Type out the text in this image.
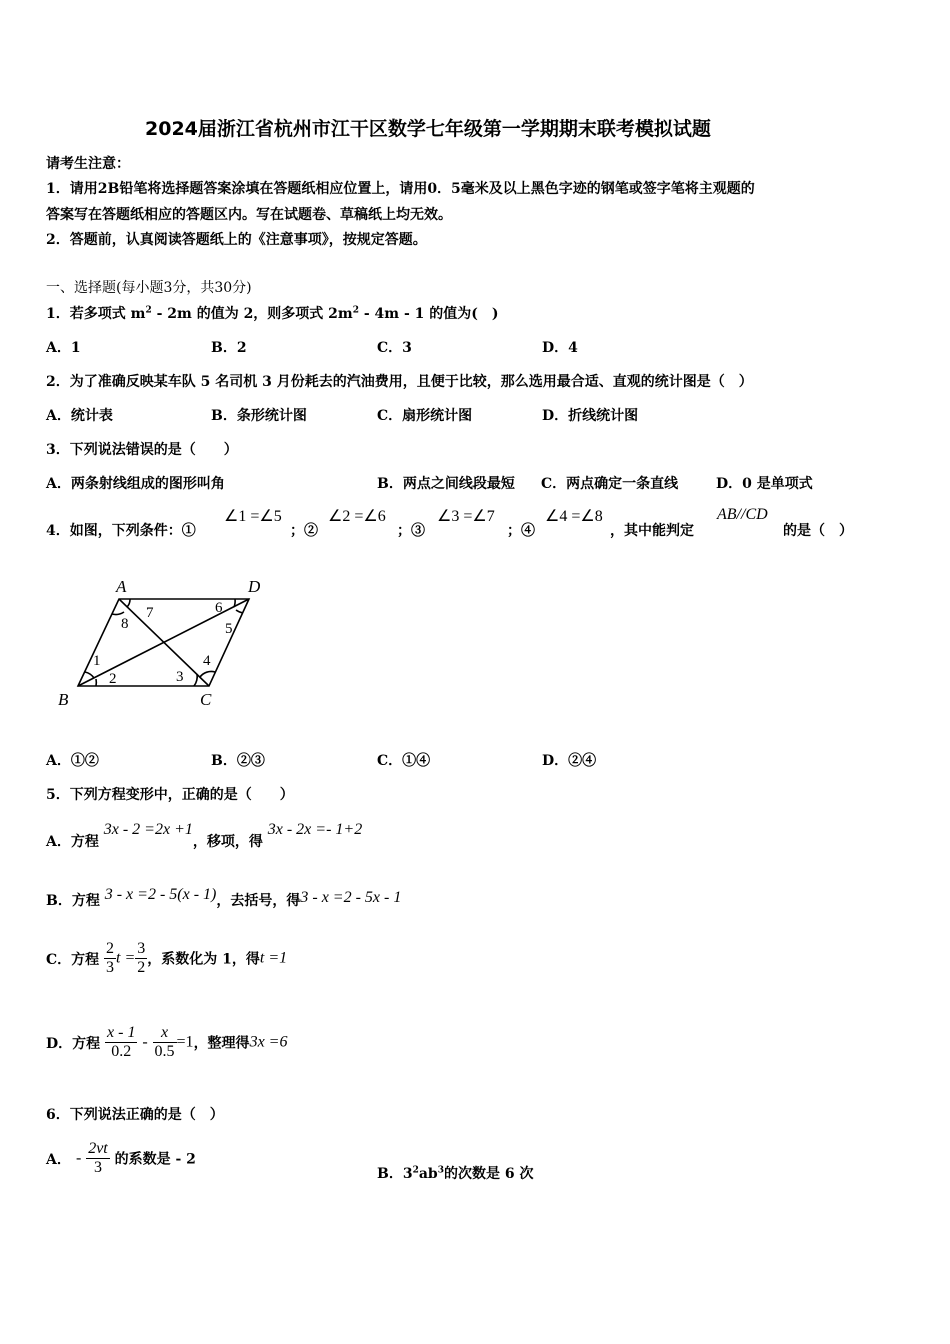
2024届浙江省杭州市江干区数学七年级第一学期期末联考模拟试题
请考生注意：
1．请用2B铅笔将选择题答案涂填在答题纸相应位置上，请用0．5毫米及以上黑色字迹的钢笔或签字笔将主观题的
答案写在答题纸相应的答题区内。写在试题卷、草稿纸上均无效。
2．答题前，认真阅读答题纸上的《注意事项》，按规定答题。
一、选择题(每小题3分，共30分)
1．若多项式 $m^2 - 2m$ 的值为 2，则多项式 $2m^2 - 4m - 1$ 的值为(　)
A．1	B．2	C．3	D．4
2．为了准确反映某车队 5 名司机 3 月份耗去的汽油费用，且便于比较，那么选用最合适、直观的统计图是（　）
A．统计表	B．条形统计图	C．扇形统计图	D．折线统计图
3．下列说法错误的是（　　）
A．两条射线组成的图形叫角	B．两点之间线段最短 C．两点确定一条直线	D．0 是单项式
4．如图，下列条件：①
∠1 =∠5
；②
∠2 =∠6
；③
∠3 =∠7
；④
∠4 =∠8
，其中能判定
AB//CD
的是（　）
A	D
B	C
1
2	3
4
5
6
7
8
A．①②	B．②③	C．①④	D．②④
5．下列方程变形中，正确的是（　　）
A．方程 3x - 2 =2x +1，移项，得 3x - 2x =- 1+2
B．方程 3 - x =2 - 5(x - 1)，去括号，得3 - x =2 - 5x - 1
C．方程 $\frac{2}{3}$ $t = \frac{3}{2}$ ，系数化为 1，得t =1
D．方程 $\frac{x - 1}{0.2} - \frac{x}{0.5} =1$，整理得3x =6
6．下列说法正确的是（　）
A． - $\frac{2vt}{3}$ 的系数是 - 2
B．$3^2ab^3$的次数是 6 次
